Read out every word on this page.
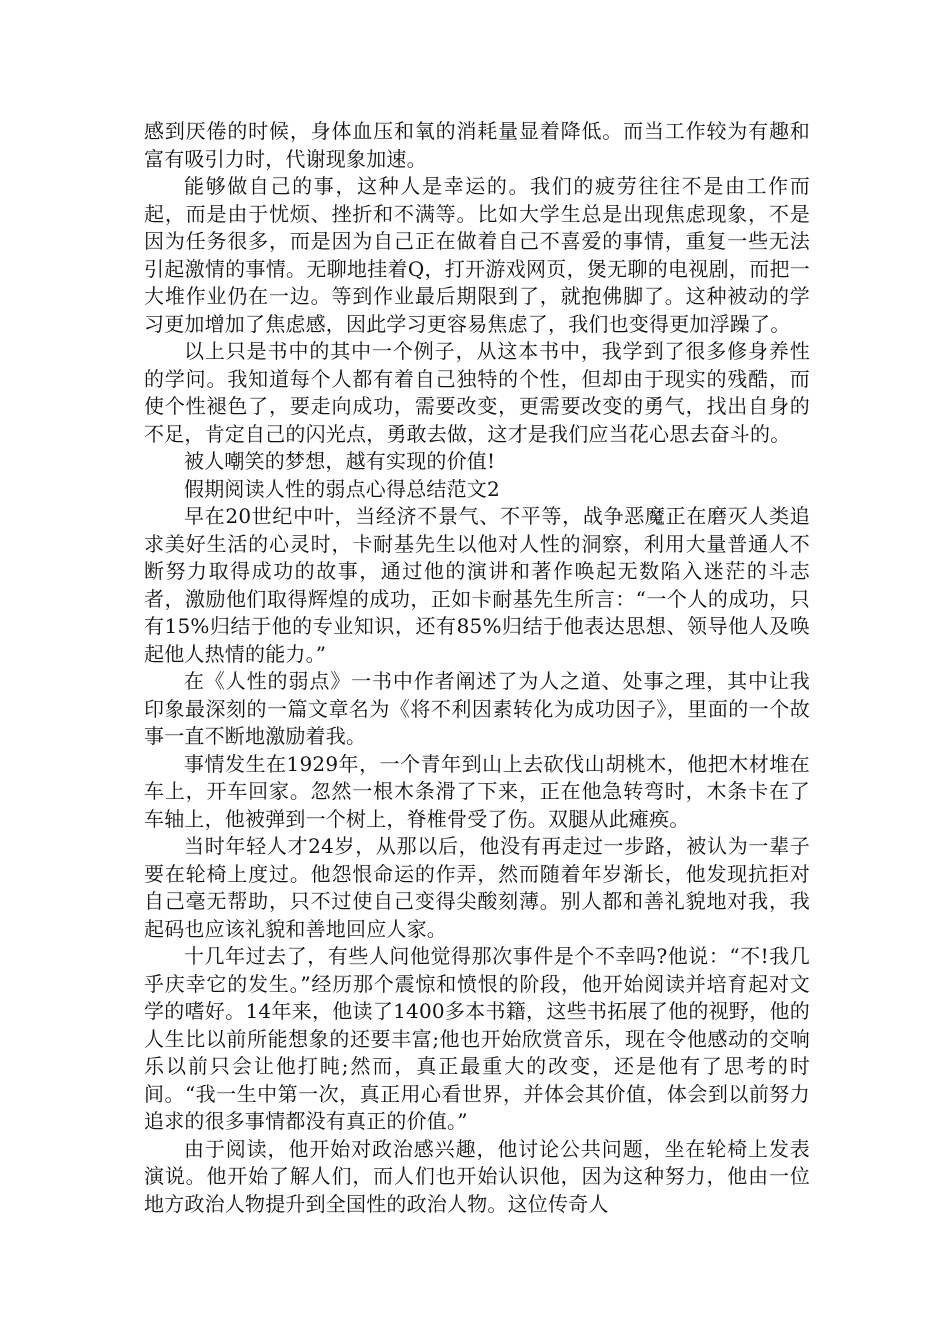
感到厌倦的时候，身体血压和氧的消耗量显着降低。而当工作较为有趣和富有吸引力时，代谢现象加速。

能够做自己的事，这种人是幸运的。我们的疲劳往往不是由工作而起，而是由于忧烦、挫折和不满等。比如大学生总是出现焦虑现象，不是因为任务很多，而是因为自己正在做着自己不喜爱的事情，重复一些无法引起激情的事情。无聊地挂着Q，打开游戏网页，煲无聊的电视剧，而把一大堆作业仍在一边。等到作业最后期限到了，就抱佛脚了。这种被动的学习更加增加了焦虑感，因此学习更容易焦虑了，我们也变得更加浮躁了。

以上只是书中的其中一个例子，从这本书中，我学到了很多修身养性的学问。我知道每个人都有着自己独特的个性，但却由于现实的残酷，而使个性褪色了，要走向成功，需要改变，更需要改变的勇气，找出自身的不足，肯定自己的闪光点，勇敢去做，这才是我们应当花心思去奋斗的。

被人嘲笑的梦想，越有实现的价值!

假期阅读人性的弱点心得总结范文2

早在20世纪中叶，当经济不景气、不平等，战争恶魔正在磨灭人类追求美好生活的心灵时，卡耐基先生以他对人性的洞察，利用大量普通人不断努力取得成功的故事，通过他的演讲和著作唤起无数陷入迷茫的斗志者，激励他们取得辉煌的成功，正如卡耐基先生所言：“一个人的成功，只有15%归结于他的专业知识，还有85%归结于他表达思想、领导他人及唤起他人热情的能力。”

在《人性的弱点》一书中作者阐述了为人之道、处事之理，其中让我印象最深刻的一篇文章名为《将不利因素转化为成功因子》，里面的一个故事一直不断地激励着我。

事情发生在1929年，一个青年到山上去砍伐山胡桃木，他把木材堆在车上，开车回家。忽然一根木条滑了下来，正在他急转弯时，木条卡在了车轴上，他被弹到一个树上，脊椎骨受了伤。双腿从此瘫痪。

当时年轻人才24岁，从那以后，他没有再走过一步路，被认为一辈子要在轮椅上度过。他怨恨命运的作弄，然而随着年岁渐长，他发现抗拒对自己毫无帮助，只不过使自己变得尖酸刻薄。别人都和善礼貌地对我，我起码也应该礼貌和善地回应人家。

十几年过去了，有些人问他觉得那次事件是个不幸吗?他说：“不!我几乎庆幸它的发生。”经历那个震惊和愤恨的阶段，他开始阅读并培育起对文学的嗜好。14年来，他读了1400多本书籍，这些书拓展了他的视野，他的人生比以前所能想象的还要丰富;他也开始欣赏音乐，现在令他感动的交响乐以前只会让他打盹;然而，真正最重大的改变，还是他有了思考的时间。“我一生中第一次，真正用心看世界，并体会其价值，体会到以前努力追求的很多事情都没有真正的价值。”

由于阅读，他开始对政治感兴趣，他讨论公共问题，坐在轮椅上发表演说。他开始了解人们，而人们也开始认识他，因为这种努力，他由一位地方政治人物提升到全国性的政治人物。这位传奇人
